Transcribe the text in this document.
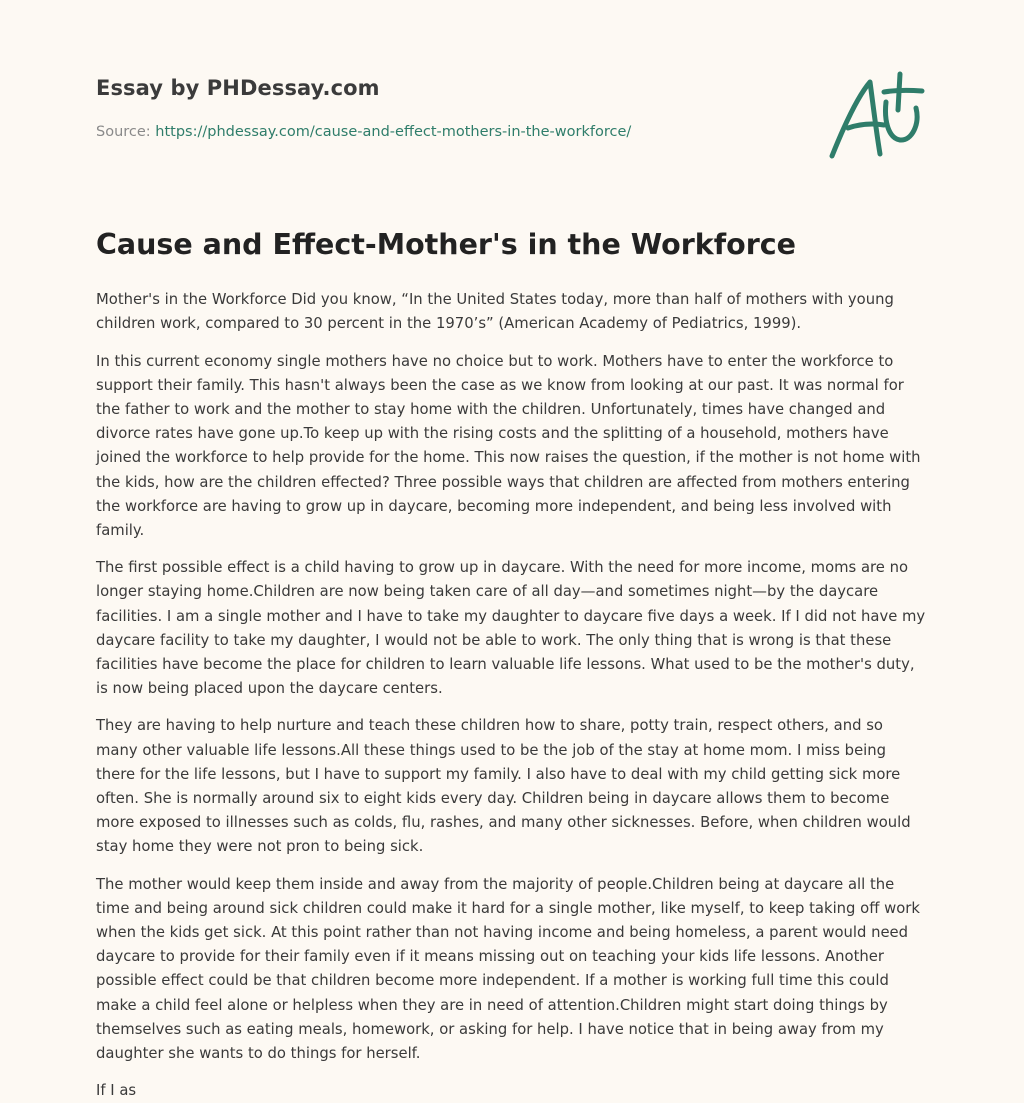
Essay by PHDessay.com
Source: https://phdessay.com/cause-and-effect-mothers-in-the-workforce/
Cause and Effect-Mother's in the Workforce

Mother's in the Workforce Did you know, “In the United States today, more than half of mothers with young children work, compared to 30 percent in the 1970’s” (American Academy of Pediatrics, 1999).

In this current economy single mothers have no choice but to work. Mothers have to enter the workforce to support their family. This hasn't always been the case as we know from looking at our past. It was normal for the father to work and the mother to stay home with the children. Unfortunately, times have changed and divorce rates have gone up.To keep up with the rising costs and the splitting of a household, mothers have joined the workforce to help provide for the home. This now raises the question, if the mother is not home with the kids, how are the children effected? Three possible ways that children are affected from mothers entering the workforce are having to grow up in daycare, becoming more independent, and being less involved with family.

The first possible effect is a child having to grow up in daycare. With the need for more income, moms are no longer staying home.Children are now being taken care of all day—and sometimes night—by the daycare facilities. I am a single mother and I have to take my daughter to daycare five days a week. If I did not have my daycare facility to take my daughter, I would not be able to work. The only thing that is wrong is that these facilities have become the place for children to learn valuable life lessons. What used to be the mother's duty, is now being placed upon the daycare centers.

They are having to help nurture and teach these children how to share, potty train, respect others, and so many other valuable life lessons.All these things used to be the job of the stay at home mom. I miss being there for the life lessons, but I have to support my family. I also have to deal with my child getting sick more often. She is normally around six to eight kids every day. Children being in daycare allows them to become more exposed to illnesses such as colds, flu, rashes, and many other sicknesses. Before, when children would stay home they were not pron to being sick.

The mother would keep them inside and away from the majority of people.Children being at daycare all the time and being around sick children could make it hard for a single mother, like myself, to keep taking off work when the kids get sick. At this point rather than not having income and being homeless, a parent would need daycare to provide for their family even if it means missing out on teaching your kids life lessons. Another possible effect could be that children become more independent. If a mother is working full time this could make a child feel alone or helpless when they are in need of attention.Children might start doing things by themselves such as eating meals, homework, or asking for help. I have notice that in being away from my daughter she wants to do things for herself.

If I as
